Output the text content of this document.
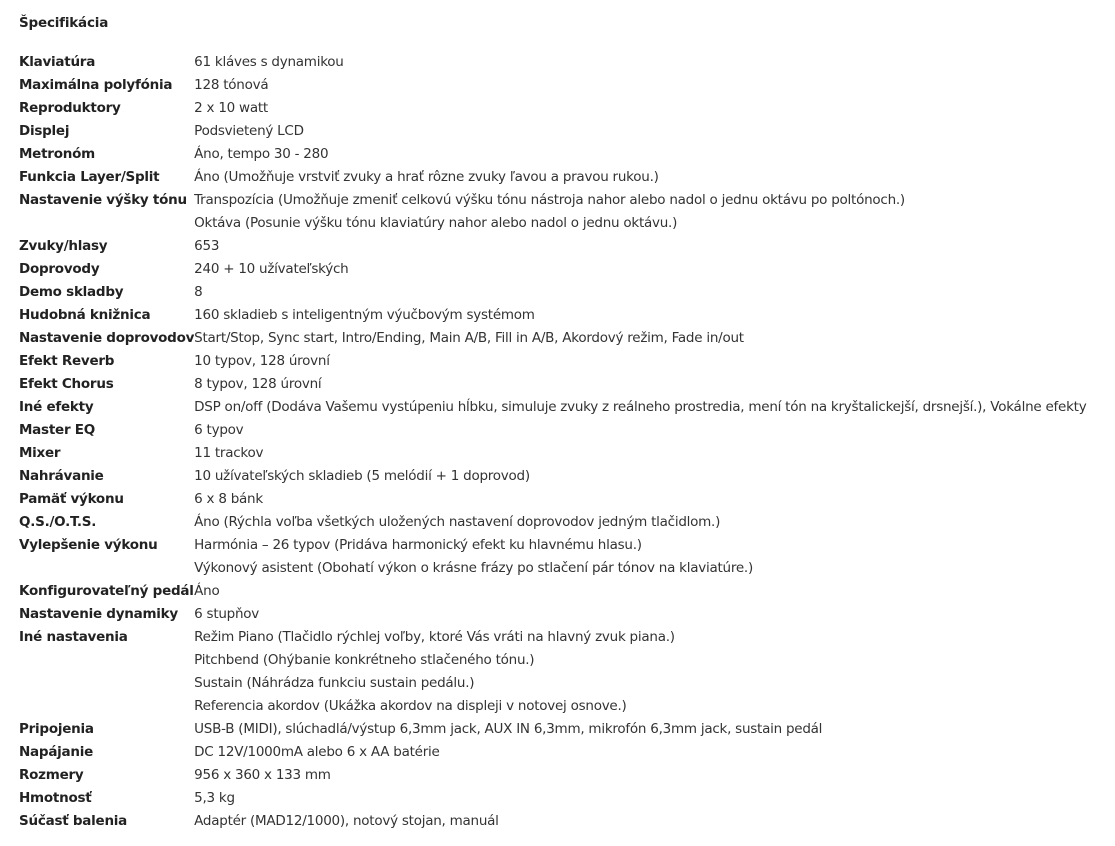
Špecifikácia
Klaviatúra	61 kláves s dynamikou

Maximálna polyfónia	128 tónová

Reproduktory	2 x 10 watt

Displej	Podsvietený LCD

Metronóm	Áno, tempo 30 - 280

Funkcia Layer/Split	Áno (Umožňuje vrstviť zvuky a hrať rôzne zvuky ľavou a pravou rukou.)

Nastavenie výšky tónu	Transpozícia (Umožňuje zmeniť celkovú výšku tónu nástroja nahor alebo nadol o jednu oktávu po poltónoch.)
Oktáva (Posunie výšku tónu klaviatúry nahor alebo nadol o jednu oktávu.)

Zvuky/hlasy	653

Doprovody	240 + 10 užívateľských

Demo skladby	8

Hudobná knižnica	160 skladieb s inteligentným výučbovým systémom

Nastavenie doprovodov	Start/Stop, Sync start, Intro/Ending, Main A/B, Fill in A/B, Akordový režim, Fade in/out

Efekt Reverb	10 typov, 128 úrovní

Efekt Chorus	8 typov, 128 úrovní

Iné efekty	DSP on/off (Dodáva Vašemu vystúpeniu hĺbku, simuluje zvuky z reálneho prostredia, mení tón na kryštalickejší, drsnejší.), Vokálne efekty

Master EQ	6 typov

Mixer	11 trackov

Nahrávanie	10 užívateľských skladieb (5 melódií + 1 doprovod)

Pamäť výkonu	6 x 8 bánk

Q.S./O.T.S.	Áno (Rýchla voľba všetkých uložených nastavení doprovodov jedným tlačidlom.)

Vylepšenie výkonu	Harmónia – 26 typov (Pridáva harmonický efekt ku hlavnému hlasu.)
Výkonový asistent (Obohatí výkon o krásne frázy po stlačení pár tónov na klaviatúre.)

Konfigurovateľný pedál	Áno

Nastavenie dynamiky	6 stupňov

Iné nastavenia	Režim Piano (Tlačidlo rýchlej voľby, ktoré Vás vráti na hlavný zvuk piana.)
Pitchbend (Ohýbanie konkrétneho stlačeného tónu.)
Sustain (Náhrádza funkciu sustain pedálu.)
Referencia akordov (Ukážka akordov na displeji v notovej osnove.)

Pripojenia	USB-B (MIDI), slúchadlá/výstup 6,3mm jack, AUX IN 6,3mm, mikrofón 6,3mm jack, sustain pedál

Napájanie	DC 12V/1000mA alebo 6 x AA batérie

Rozmery	956 x 360 x 133 mm

Hmotnosť	5,3 kg

Súčasť balenia	Adaptér (MAD12/1000), notový stojan, manuál
